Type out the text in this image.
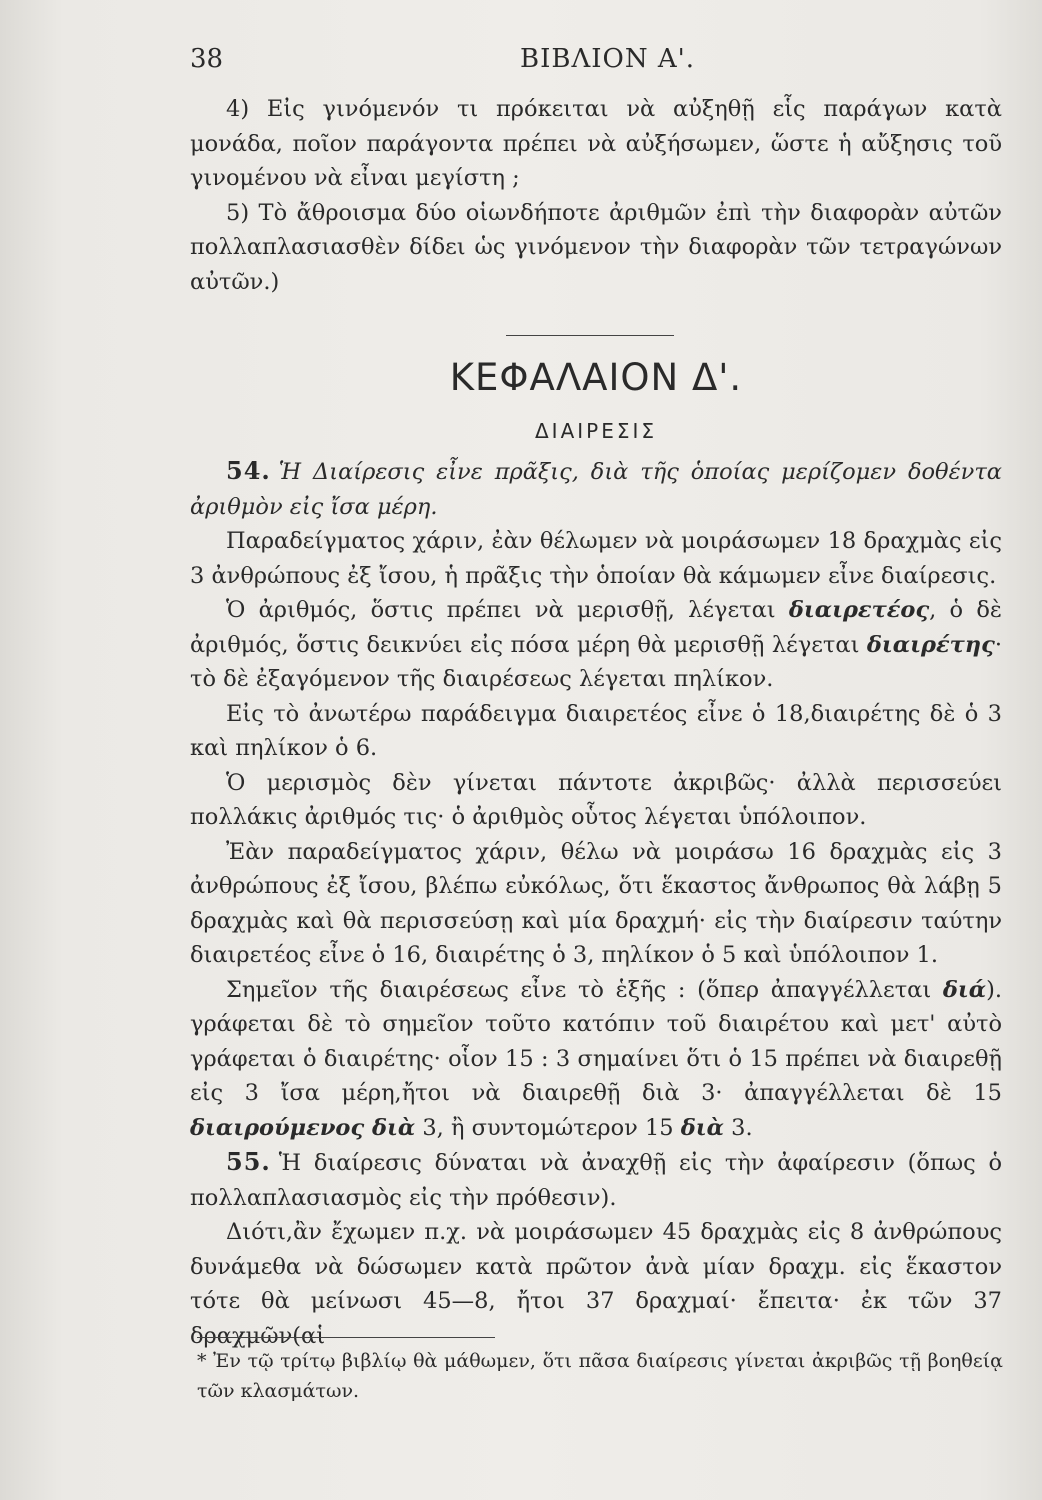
38	ΒΙΒΛΙΟΝ Α'.

4) Εἰς γινόμενόν τι πρόκειται νὰ αὐξηθῇ εἷς παράγων κατὰ μονάδα, ποῖον παράγοντα πρέπει νὰ αὐξήσωμεν, ὥστε ἡ αὔξησις τοῦ γινομένου νὰ εἶναι μεγίστη ;

5) Τὸ ἄθροισμα δύο οἱωνδήποτε ἀριθμῶν ἐπὶ τὴν διαφορὰν αὐτῶν πολλαπλασιασθὲν δίδει ὡς γινόμενον τὴν διαφορὰν τῶν τετραγώνων αὐτῶν.)

ΚΕΦΑΛΑΙΟΝ Δ'.
ΔΙΑΙΡΕΣΙΣ

54. Ἡ Διαίρεσις εἶνε πρᾶξις, διὰ τῆς ὁποίας μερίζομεν δοθέντα ἀριθμὸν εἰς ἴσα μέρη.

Παραδείγματος χάριν, ἐὰν θέλωμεν νὰ μοιράσωμεν 18 δραχμὰς εἰς 3 ἀνθρώπους ἐξ ἴσου, ἡ πρᾶξις τὴν ὁποίαν θὰ κάμωμεν εἶνε διαίρεσις.

Ὁ ἀριθμός, ὅστις πρέπει νὰ μερισθῇ, λέγεται διαιρετέος, ὁ δὲ ἀριθμός, ὅστις δεικνύει εἰς πόσα μέρη θὰ μερισθῇ λέγεται διαιρέτης· τὸ δὲ ἐξαγόμενον τῆς διαιρέσεως λέγεται πηλίκον.

Εἰς τὸ ἀνωτέρω παράδειγμα διαιρετέος εἶνε ὁ 18,διαιρέτης δὲ ὁ 3 καὶ πηλίκον ὁ 6.

Ὁ μερισμὸς δὲν γίνεται πάντοτε ἀκριβῶς· ἀλλὰ περισσεύει πολλάκις ἀριθμός τις· ὁ ἀριθμὸς οὗτος λέγεται ὑπόλοιπον.

Ἐὰν παραδείγματος χάριν, θέλω νὰ μοιράσω 16 δραχμὰς εἰς 3 ἀνθρώπους ἐξ ἴσου, βλέπω εὐκόλως, ὅτι ἕκαστος ἄνθρωπος θὰ λάβῃ 5 δραχμὰς καὶ θὰ περισσεύσῃ καὶ μία δραχμή· εἰς τὴν διαίρεσιν ταύτην διαιρετέος εἶνε ὁ 16, διαιρέτης ὁ 3, πηλίκον ὁ 5 καὶ ὑπόλοιπον 1.

Σημεῖον τῆς διαιρέσεως εἶνε τὸ ἑξῆς : (ὅπερ ἀπαγγέλλεται διά). γράφεται δὲ τὸ σημεῖον τοῦτο κατόπιν τοῦ διαιρέτου καὶ μετ' αὐτὸ γράφεται ὁ διαιρέτης· οἷον 15 : 3 σημαίνει ὅτι ὁ 15 πρέπει νὰ διαιρεθῇ εἰς 3 ἴσα μέρη,ἤτοι νὰ διαιρεθῇ διὰ 3· ἀπαγγέλλεται δὲ 15 διαιρούμενος διὰ 3, ἢ συντομώτερον 15 διὰ 3.

55. Ἡ διαίρεσις δύναται νὰ ἀναχθῇ εἰς τὴν ἀφαίρεσιν (ὅπως ὁ πολλαπλασιασμὸς εἰς τὴν πρόθεσιν).

Διότι,ἂν ἔχωμεν π.χ. νὰ μοιράσωμεν 45 δραχμὰς εἰς 8 ἀνθρώπους δυνάμεθα νὰ δώσωμεν κατὰ πρῶτον ἀνὰ μίαν δραχμ. εἰς ἕκαστον τότε θὰ μείνωσι 45—8, ἤτοι 37 δραχμαί· ἔπειτα· ἐκ τῶν 37 δραχμῶν(αἱ

* Ἐν τῷ τρίτῳ βιβλίῳ θὰ μάθωμεν, ὅτι πᾶσα διαίρεσις γίνεται ἀκριβῶς τῇ βοηθείᾳ τῶν κλασμάτων.
